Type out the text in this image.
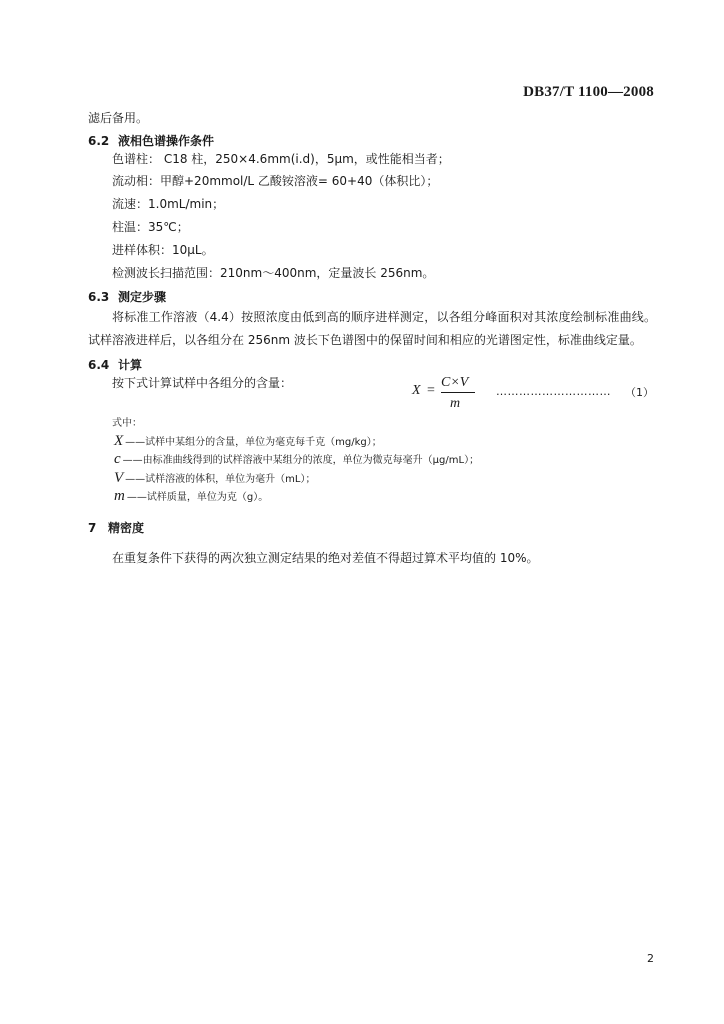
DB37/T 1100—2008
滤后备用。
6.2 液相色谱操作条件
色谱柱： C18 柱，250×4.6mm(i.d)，5μm，或性能相当者；
流动相：甲醇+20mmol/L 乙酸铵溶液= 60+40（体积比）；
流速：1.0mL/min；
柱温：35℃；
进样体积：10μL。
检测波长扫描范围：210nm～400nm，定量波长 256nm。
6.3 测定步骤
将标准工作溶液（4.4）按照浓度由低到高的顺序进样测定，以各组分峰面积对其浓度绘制标准曲线。试样溶液进样后，以各组分在 256nm 波长下色谱图中的保留时间和相应的光谱图定性，标准曲线定量。
6.4 计算
按下式计算试样中各组分的含量：	X =
C×V
m
………………………… （1）
式中：
X ——试样中某组分的含量，单位为毫克每千克（mg/kg）；
c ——由标准曲线得到的试样溶液中某组分的浓度，单位为微克每毫升（μg/mL）；
V ——试样溶液的体积，单位为毫升（mL）；
m ——试样质量，单位为克（g）。
7 精密度
在重复条件下获得的两次独立测定结果的绝对差值不得超过算术平均值的 10%。
2
